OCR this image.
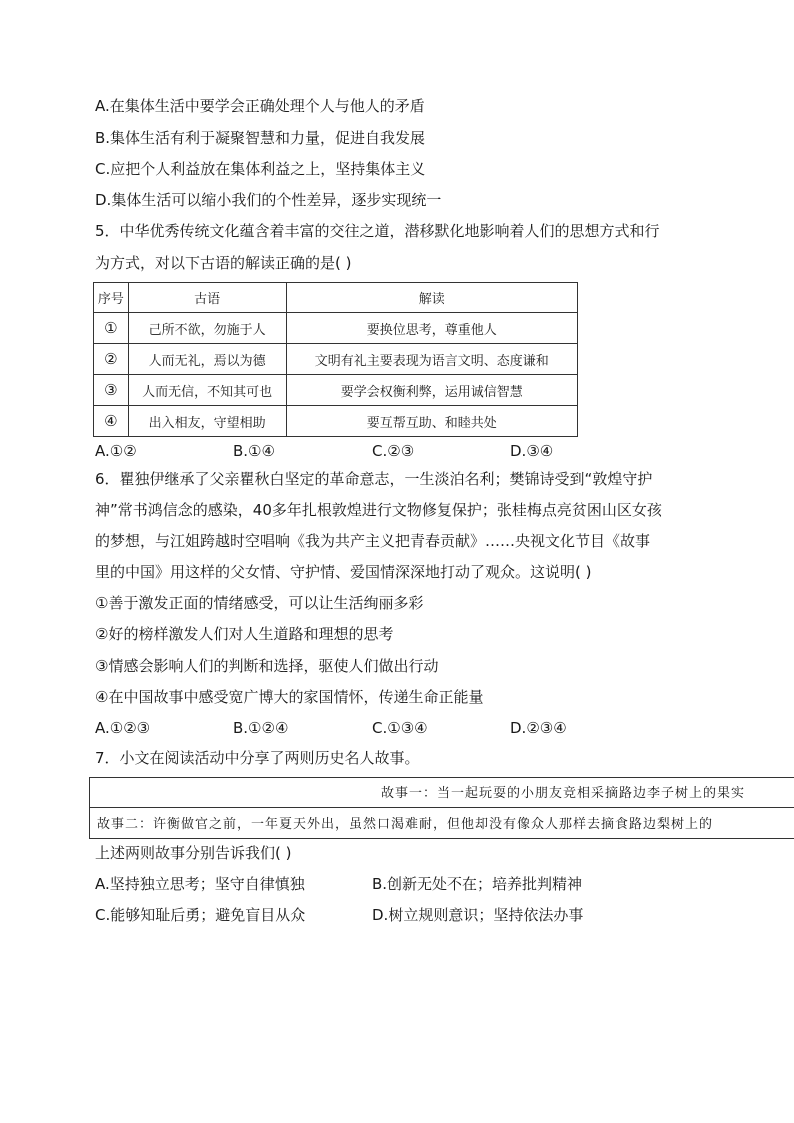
A.在集体生活中要学会正确处理个人与他人的矛盾
B.集体生活有利于凝聚智慧和力量，促进自我发展
C.应把个人利益放在集体利益之上，坚持集体主义
D.集体生活可以缩小我们的个性差异，逐步实现统一
5．中华优秀传统文化蕴含着丰富的交往之道，潜移默化地影响着人们的思想方式和行
为方式，对以下古语的解读正确的是( )
序号	古语	解读
①	己所不欲，勿施于人	要换位思考，尊重他人
②	人而无礼，焉以为德	文明有礼主要表现为语言文明、态度谦和
③	人而无信，不知其可也	要学会权衡利弊，运用诚信智慧
④	出入相友，守望相助	要互帮互助、和睦共处
A.①②	B.①④	C.②③	D.③④
6．瞿独伊继承了父亲瞿秋白坚定的革命意志，一生淡泊名利；樊锦诗受到“敦煌守护
神”常书鸿信念的感染，40多年扎根敦煌进行文物修复保护；张桂梅点亮贫困山区女孩
的梦想，与江姐跨越时空唱响《我为共产主义把青春贡献》……央视文化节目《故事
里的中国》用这样的父女情、守护情、爱国情深深地打动了观众。这说明( )
①善于激发正面的情绪感受，可以让生活绚丽多彩
②好的榜样激发人们对人生道路和理想的思考
③情感会影响人们的判断和选择，驱使人们做出行动
④在中国故事中感受宽广博大的家国情怀，传递生命正能量
A.①②③	B.①②④	C.①③④	D.②③④
7．小文在阅读活动中分享了两则历史名人故事。
故事一：当一起玩耍的小朋友竞相采摘路边李子树上的果实
故事二：许衡做官之前，一年夏天外出，虽然口渴难耐，但他却没有像众人那样去摘食路边梨树上的
上述两则故事分别告诉我们( )
A.坚持独立思考；坚守自律慎独	B.创新无处不在；培养批判精神
C.能够知耻后勇；避免盲目从众	D.树立规则意识；坚持依法办事
